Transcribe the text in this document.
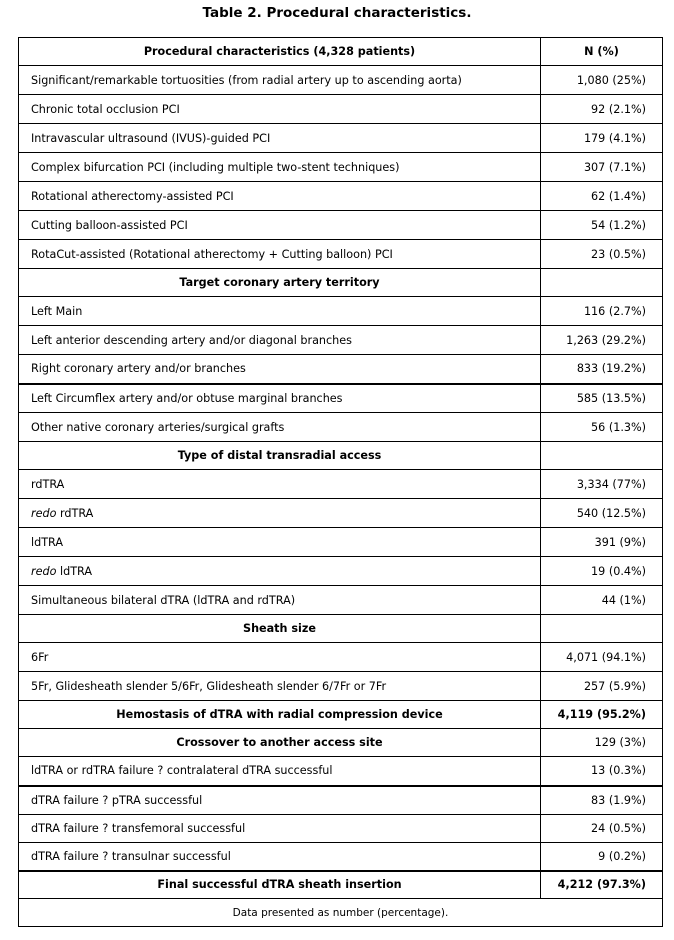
Table 2. Procedural characteristics.
Procedural characteristics (4,328 patients)	N (%)
Significant/remarkable tortuosities (from radial artery up to ascending aorta)	1,080 (25%)
Chronic total occlusion PCI	92 (2.1%)
Intravascular ultrasound (IVUS)-guided PCI	179 (4.1%)
Complex bifurcation PCI (including multiple two-stent techniques)	307 (7.1%)
Rotational atherectomy-assisted PCI	62 (1.4%)
Cutting balloon-assisted PCI	54 (1.2%)
RotaCut-assisted (Rotational atherectomy + Cutting balloon) PCI	23 (0.5%)
Target coronary artery territory	
Left Main	116 (2.7%)
Left anterior descending artery and/or diagonal branches	1,263 (29.2%)
Right coronary artery and/or branches	833 (19.2%)
Left Circumflex artery and/or obtuse marginal branches	585 (13.5%)
Other native coronary arteries/surgical grafts	56 (1.3%)
Type of distal transradial access	
rdTRA	3,334 (77%)
redo rdTRA	540 (12.5%)
ldTRA	391 (9%)
redo ldTRA	19 (0.4%)
Simultaneous bilateral dTRA (ldTRA and rdTRA)	44 (1%)
Sheath size	
6Fr	4,071 (94.1%)
5Fr, Glidesheath slender 5/6Fr, Glidesheath slender 6/7Fr or 7Fr	257 (5.9%)
Hemostasis of dTRA with radial compression device	4,119 (95.2%)
Crossover to another access site	129 (3%)
ldTRA or rdTRA failure ? contralateral dTRA successful	13 (0.3%)
dTRA failure ? pTRA successful	83 (1.9%)
dTRA failure ? transfemoral successful	24 (0.5%)
dTRA failure ? transulnar successful	9 (0.2%)
Final successful dTRA sheath insertion	4,212 (97.3%)
Data presented as number (percentage).	
